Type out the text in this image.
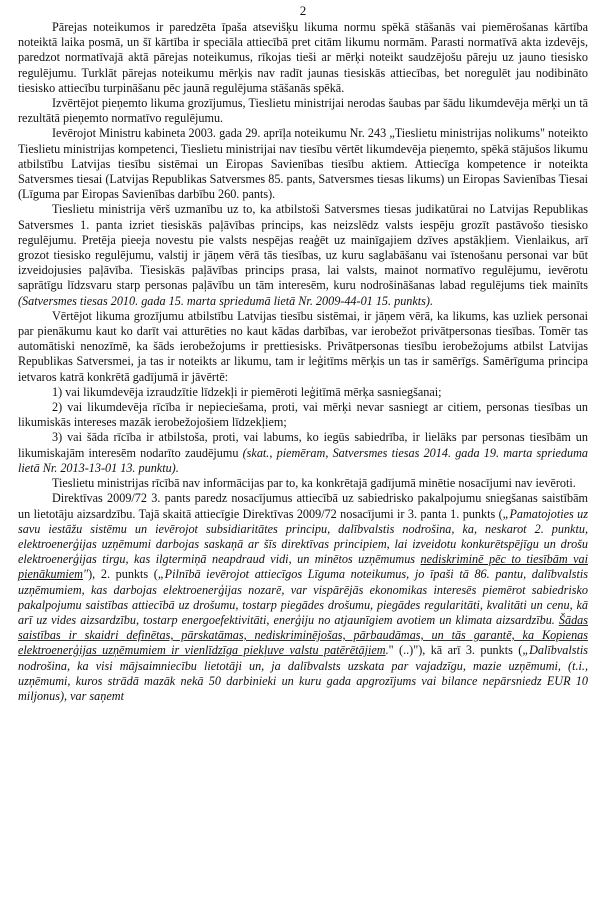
2

Pārejas noteikumos ir paredzēta īpaša atsevišķu likuma normu spēkā stāšanās vai piemērošanas kārtība noteiktā laika posmā, un šī kārtība ir speciāla attiecībā pret citām likumu normām. Parasti normatīvā akta izdevējs, paredzot normatīvajā aktā pārejas noteikumus, rīkojas tieši ar mērķi noteikt saudzējošu pāreju uz jauno tiesisko regulējumu. Turklāt pārejas noteikumu mērķis nav radīt jaunas tiesiskās attiecības, bet noregulēt jau nodibināto tiesisko attiecību turpināšanu pēc jaunā regulējuma stāšanās spēkā.

Izvērtējot pieņemto likuma grozījumus, Tieslietu ministrijai nerodas šaubas par šādu likumdevēja mērķi un tā rezultātā pieņemto normatīvo regulējumu.

Ievērojot Ministru kabineta 2003. gada 29. aprīļa noteikumu Nr. 243 „Tieslietu ministrijas nolikums" noteikto Tieslietu ministrijas kompetenci, Tieslietu ministrijai nav tiesību vērtēt likumdevēja pieņemto, spēkā stājušos likumu atbilstību Latvijas tiesību sistēmai un Eiropas Savienības tiesību aktiem. Attiecīga kompetence ir noteikta Satversmes tiesai (Latvijas Republikas Satversmes 85. pants, Satversmes tiesas likums) un Eiropas Savienības Tiesai (Līguma par Eiropas Savienības darbību 260. pants).

Tieslietu ministrija vērš uzmanību uz to, ka atbilstoši Satversmes tiesas judikatūrai no Latvijas Republikas Satversmes 1. panta izriet tiesiskās paļāvības princips, kas neizslēdz valsts iespēju grozīt pastāvošo tiesisko regulējumu. Pretēja pieeja novestu pie valsts nespējas reaģēt uz mainīgajiem dzīves apstākļiem. Vienlaikus, arī grozot tiesisko regulējumu, valstij ir jāņem vērā tās tiesības, uz kuru saglabāšanu vai īstenošanu personai var būt izveidojusies paļāvība. Tiesiskās paļāvības princips prasa, lai valsts, mainot normatīvo regulējumu, ievērotu saprātīgu līdzsvaru starp personas paļāvību un tām interesēm, kuru nodrošināšanas labad regulējums tiek mainīts (Satversmes tiesas 2010. gada 15. marta spriedumā lietā Nr. 2009-44-01 15. punkts).

Vērtējot likuma grozījumu atbilstību Latvijas tiesību sistēmai, ir jāņem vērā, ka likums, kas uzliek personai par pienākumu kaut ko darīt vai atturēties no kaut kādas darbības, var ierobežot privātpersonas tiesības. Tomēr tas automātiski nenozīmē, ka šāds ierobežojums ir prettiesisks. Privātpersonas tiesību ierobežojums atbilst Latvijas Republikas Satversmei, ja tas ir noteikts ar likumu, tam ir leģitīms mērķis un tas ir samērīgs. Samērīguma principa ietvaros katrā konkrētā gadījumā ir jāvērtē:

1) vai likumdevēja izraudzītie līdzekļi ir piemēroti leģitīmā mērķa sasniegšanai;

2) vai likumdevēja rīcība ir nepieciešama, proti, vai mērķi nevar sasniegt ar citiem, personas tiesības un likumiskās intereses mazāk ierobežojošiem līdzekļiem;

3) vai šāda rīcība ir atbilstoša, proti, vai labums, ko iegūs sabiedrība, ir lielāks par personas tiesībām un likumiskajām interesēm nodarīto zaudējumu (skat., piemēram, Satversmes tiesas 2014. gada 19. marta sprieduma lietā Nr. 2013-13-01 13. punktu).

Tieslietu ministrijas rīcībā nav informācijas par to, ka konkrētajā gadījumā minētie nosacījumi nav ievēroti.

Direktīvas 2009/72 3. pants paredz nosacījumus attiecībā uz sabiedrisko pakalpojumu sniegšanas saistībām un lietotāju aizsardzību. Tajā skaitā attiecīgie Direktīvas 2009/72 nosacījumi ir 3. panta 1. punkts („Pamatojoties uz savu iestāžu sistēmu un ievērojot subsidiaritātes principu, dalībvalstis nodrošina, ka, neskarot 2. punktu, elektroenerģijas uzņēmumi darbojas saskaņā ar šīs direktīvas principiem, lai izveidotu konkurētspējīgu un drošu elektroenerģijas tirgu, kas ilgtermiņā neapdraud vidi, un minētos uzņēmumus nediskriminē pēc to tiesībām vai pienākumiem"), 2. punkts („Pilnībā ievērojot attiecīgos Līguma noteikumus, jo īpaši tā 86. pantu, dalībvalstis uzņēmumiem, kas darbojas elektroenerģijas nozarē, var vispārējās ekonomikas interesēs piemērot sabiedrisko pakalpojumu saistības attiecībā uz drošumu, tostarp piegādes drošumu, piegādes regularitāti, kvalitāti un cenu, kā arī uz vides aizsardzību, tostarp energoefektivitāti, enerģiju no atjaunīgiem avotiem un klimata aizsardzību. Šādas saistības ir skaidri definētas, pārskatāmas, nediskriminējošas, pārbaudāmas, un tās garantē, ka Kopienas elektroenerģijas uzņēmumiem ir vienlīdzīga piekļuve valstu patērētājiem." (..)"), kā arī 3. punkts („Dalībvalstis nodrošina, ka visi mājsaimniecību lietotāji un, ja dalībvalsts uzskata par vajadzīgu, mazie uzņēmumi, (t.i., uzņēmumi, kuros strādā mazāk nekā 50 darbinieki un kuru gada apgrozījums vai bilance nepārsniedz EUR 10 miljonus), var saņemt
